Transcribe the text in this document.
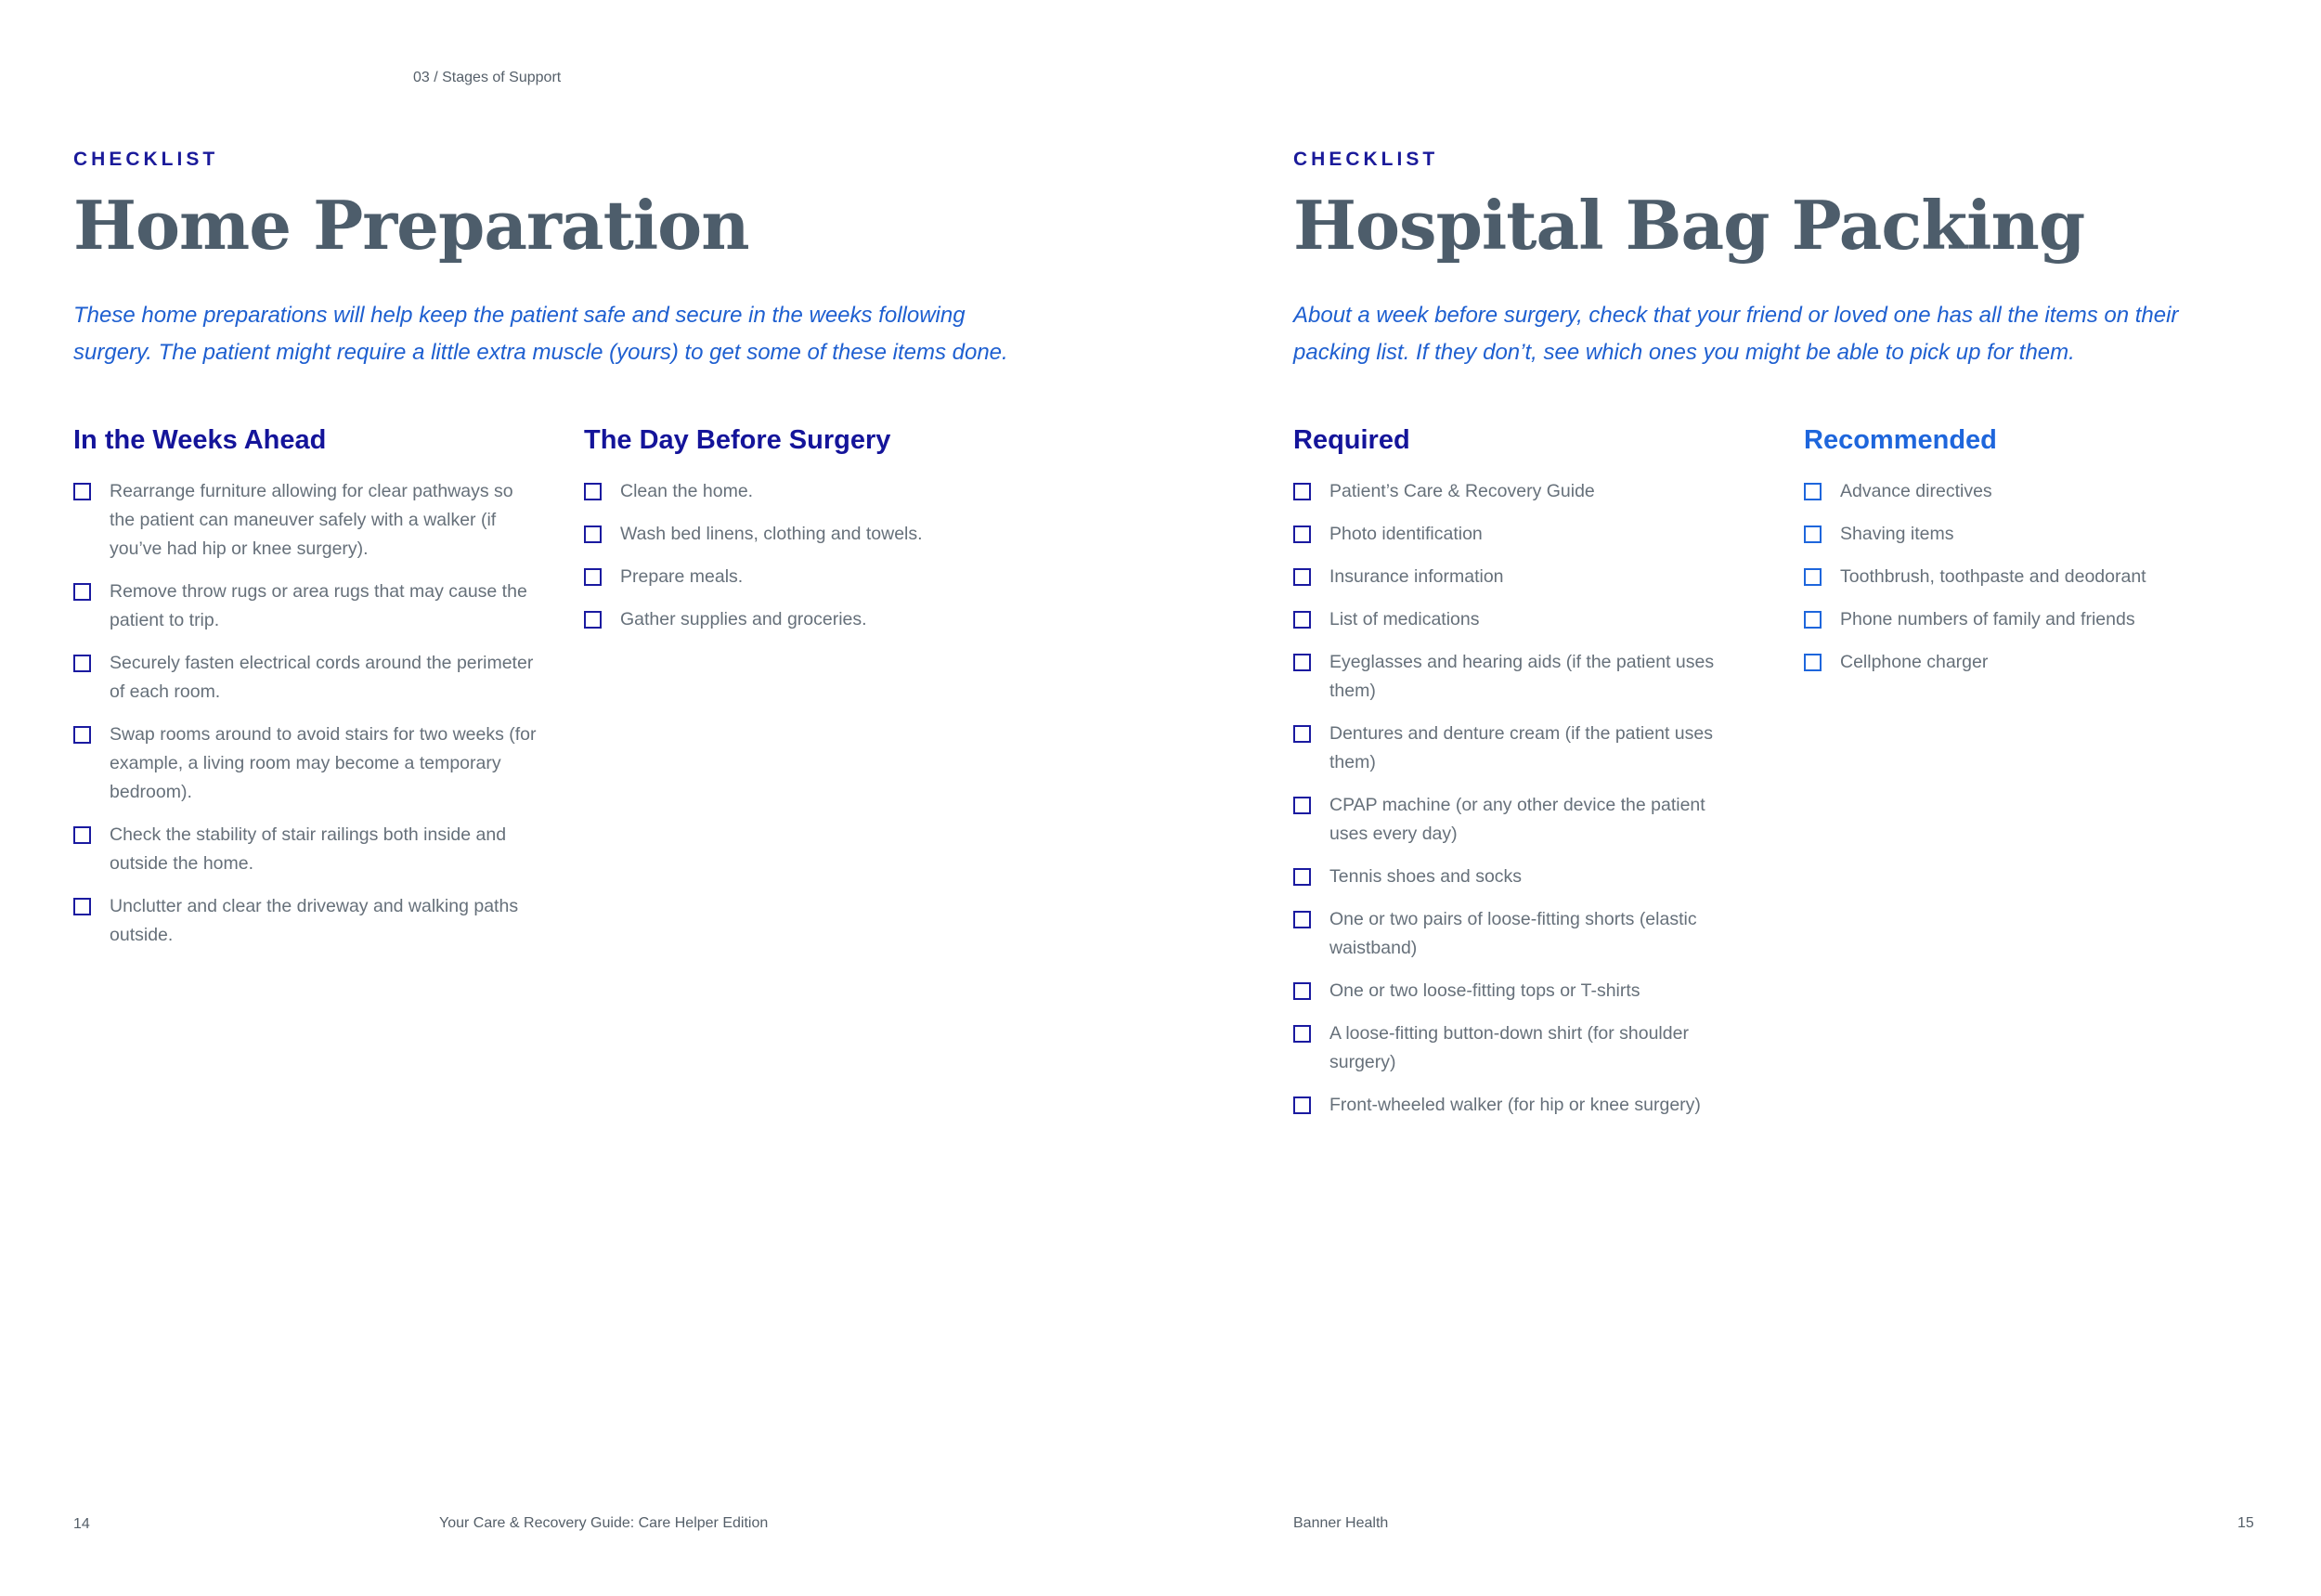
03 / Stages of Support
CHECKLIST
Home Preparation
These home preparations will help keep the patient safe and secure in the weeks following
surgery. The patient might require a little extra muscle (yours) to get some of these items done.
In the Weeks Ahead
Rearrange furniture allowing for clear pathways so the patient can maneuver safely with a walker (if you’ve had hip or knee surgery).
Remove throw rugs or area rugs that may cause the patient to trip.
Securely fasten electrical cords around the perimeter of each room.
Swap rooms around to avoid stairs for two weeks (for example, a living room may become a temporary bedroom).
Check the stability of stair railings both inside and outside the home.
Unclutter and clear the driveway and walking paths outside.
The Day Before Surgery
Clean the home.
Wash bed linens, clothing and towels.
Prepare meals.
Gather supplies and groceries.
CHECKLIST
Hospital Bag Packing
About a week before surgery, check that your friend or loved one has all the items on their
packing list. If they don’t, see which ones you might be able to pick up for them.
Required
Patient’s Care & Recovery Guide
Photo identification
Insurance information
List of medications
Eyeglasses and hearing aids (if the patient uses them)
Dentures and denture cream (if the patient uses them)
CPAP machine (or any other device the patient uses every day)
Tennis shoes and socks
One or two pairs of loose-fitting shorts (elastic waistband)
One or two loose-fitting tops or T-shirts
A loose-fitting button-down shirt (for shoulder surgery)
Front-wheeled walker (for hip or knee surgery)
Recommended
Advance directives
Shaving items
Toothbrush, toothpaste and deodorant
Phone numbers of family and friends
Cellphone charger
14	Your Care & Recovery Guide: Care Helper Edition	Banner Health	15
